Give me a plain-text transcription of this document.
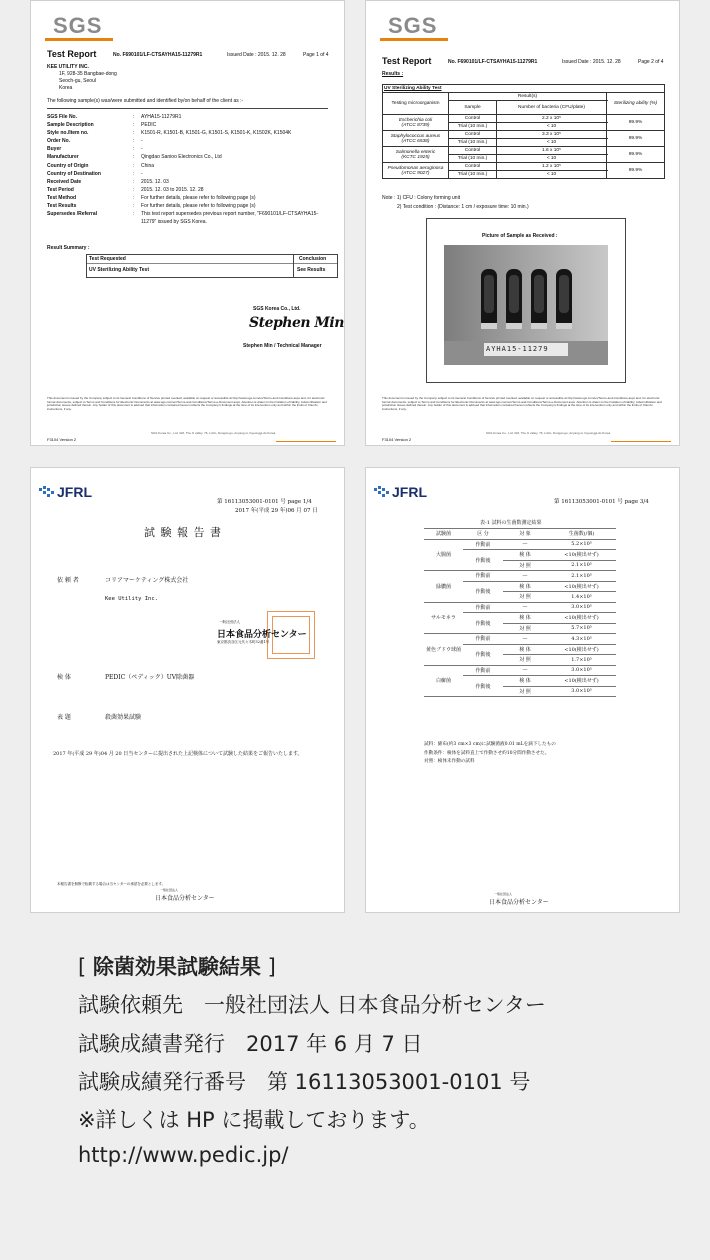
SGS
Test Report	No. F690101/LF-CTSAYHA15-11279R1	Issued Date : 2015. 12. 28	Page 1 of 4
KEE UTILITY INC.
1F, 928-35 Bangbae-dong
Seoch-gu, Seoul
Korea
The following sample(s) was/were submitted and identified by/on behalf of the client as :-
SGS File No.	:	AYHA15-11279R1
Sample Description	:	PEDIC
Style no./Item no.	:	K1501-R, K1501-B, K1501-G, K1501-S, K1501-K, K1502K, K1504K
Order No.	:	-
Buyer	:	-
Manufacturer	:	Qingdao Sanioo Electronics Co., Ltd
Country of Origin	:	China
Country of Destination	:	-
Received Date	:	2015. 12. 03
Test Period	:	2015. 12. 03 to 2015. 12. 28
Test Method	:	For further details, please refer to following page (s)
Test Results	:	For further details, please refer to following page (s)
Supersedes /Referral	:	This test report supersedes previous report number, "F690101/LF-CTSAYHA15-
11279" issued by SGS Korea.
Result Summary :
Test Requested	Conclusion
UV Sterilizing Ability Test	See Results
SGS Korea Co., Ltd.
Stephen Min
Stephen Min / Technical Manager
This document is issued by the Company subject to its General Conditions of Service printed overleaf, available on request or accessible at http://www.sgs.com/en/Terms-and-Conditions.aspx and, for electronic format documents, subject to Terms and Conditions for Electronic Documents at www.sgs.com/en/Terms-and-Conditions/Terms-e-Document.aspx. Attention is drawn to the limitation of liability, indemnification and jurisdiction issues defined therein. Any holder of this document is advised that information contained hereon reflects the Company's findings at the time of its intervention only and within the limits of Client's instructions, if any.
F3104 Version 2
SGS Korea Co., Ltd. 322, The O valley, 76, Li-Ro, Dongan-gu, Anyang-si, Gyeonggi-do Korea
SGS
Test Report	No. F690101/LF-CTSAYHA15-11279R1	Issued Date : 2015. 12. 28	Page 2 of 4
Results :
UV Sterilizing Ability Test			
Testing microorganism	Result(s)		Sterilizing ability (%)
	Sample	Number of bacteria (CFU/plate)	
Escherichia coli
(ATCC 8739)	Control	2.2 x 10⁵	99.9%
	Trial (10 min.)	< 10	
Staphylococcus aureus
(ATCC 6538)	Control	3.3 x 10⁵	99.9%
	Trial (10 min.)	< 10	
Salmonella enteric
(KCTC 1925)	Control	1.6 x 10⁵	99.9%
	Trial (10 min.)	< 10	
Pseudomonas aeruginosa
(ATCC 9027)	Control	1.2 x 10⁵	99.9%
	Trial (10 min.)	< 10	
Note : 1) CFU : Colony forming unit
2) Test condition : (Distance: 1 cm / exposure time: 10 min.)
Picture of Sample as Received :
AYHA15-11279
This document is issued by the Company subject to its General Conditions of Service printed overleaf, available on request or accessible at http://www.sgs.com/en/Terms-and-Conditions.aspx and, for electronic format documents, subject to Terms and Conditions for Electronic Documents at www.sgs.com/en/Terms-and-Conditions/Terms-e-Document.aspx. Attention is drawn to the limitation of liability, indemnification and jurisdiction issues defined therein. Any holder of this document is advised that information contained hereon reflects the Company's findings at the time of its intervention only and within the limits of Client's instructions, if any.
F3104 Version 2
SGS Korea Co., Ltd. 322, The O valley, 76, Li-Ro, Dongan-gu, Anyang-si, Gyeonggi-do Korea
JFRL
第 16113053001-0101 号 page 1/4
2017 年(平成 29 年)06 月 07 日
試 験 報 告 書
依 頼 者	コリアマーケティング株式会社
Kee Utility Inc.
一般社団法人
日本食品分析センター
東京都渋谷区元代々木町52番1号
検 体	PEDIC（ペディック）UV除菌器
表 題	殺菌効果試験
2017 年(平成 29 年)04 月 20 日当センターに提出された上記検体について試験した結果をご報告いたします。
本報告書を無断で転載する場合は当センターの承認を必要とします。
一般社団法人
日本食品分析センター
JFRL
第 16113053001-0101 号 page 3/4
表-1 試料の生菌数測定結果
試験菌	区 分	対 象	生菌数(/個)
大腸菌	作動前	—	5.2×10⁵
	作動後	検 体	<10(検出せず)
		対 照	2.1×10⁵
緑膿菌	作動前	—	2.1×10⁵
	作動後	検 体	<10(検出せず)
		対 照	1.4×10⁵
サルモネラ	作動前	—	3.0×10⁵
	作動後	検 体	<10(検出せず)
		対 照	5.7×10⁵
黄色ブドウ球菌	作動前	—	4.3×10⁵
	作動後	検 体	<10(検出せず)
		対 照	1.7×10⁵
白癬菌	作動前	—	3.0×10⁵
	作動後	検 体	<10(検出せず)
		対 照	3.0×10⁵
試料：綿布(約3 cm×3 cm)に試験菌液0.01 mLを滴下したもの
作動条件：検体を試料直上で作動させ約10分間作動させた。
対照：検体未作動の試料
一般社団法人
日本食品分析センター
[ 除菌効果試験結果 ]
試験依頼先　一般社団法人 日本食品分析センター
試験成績書発行　2017 年 6 月 7 日
試験成績発行番号　第 16113053001-0101 号
※詳しくは HP に掲載しております。
http://www.pedic.jp/
